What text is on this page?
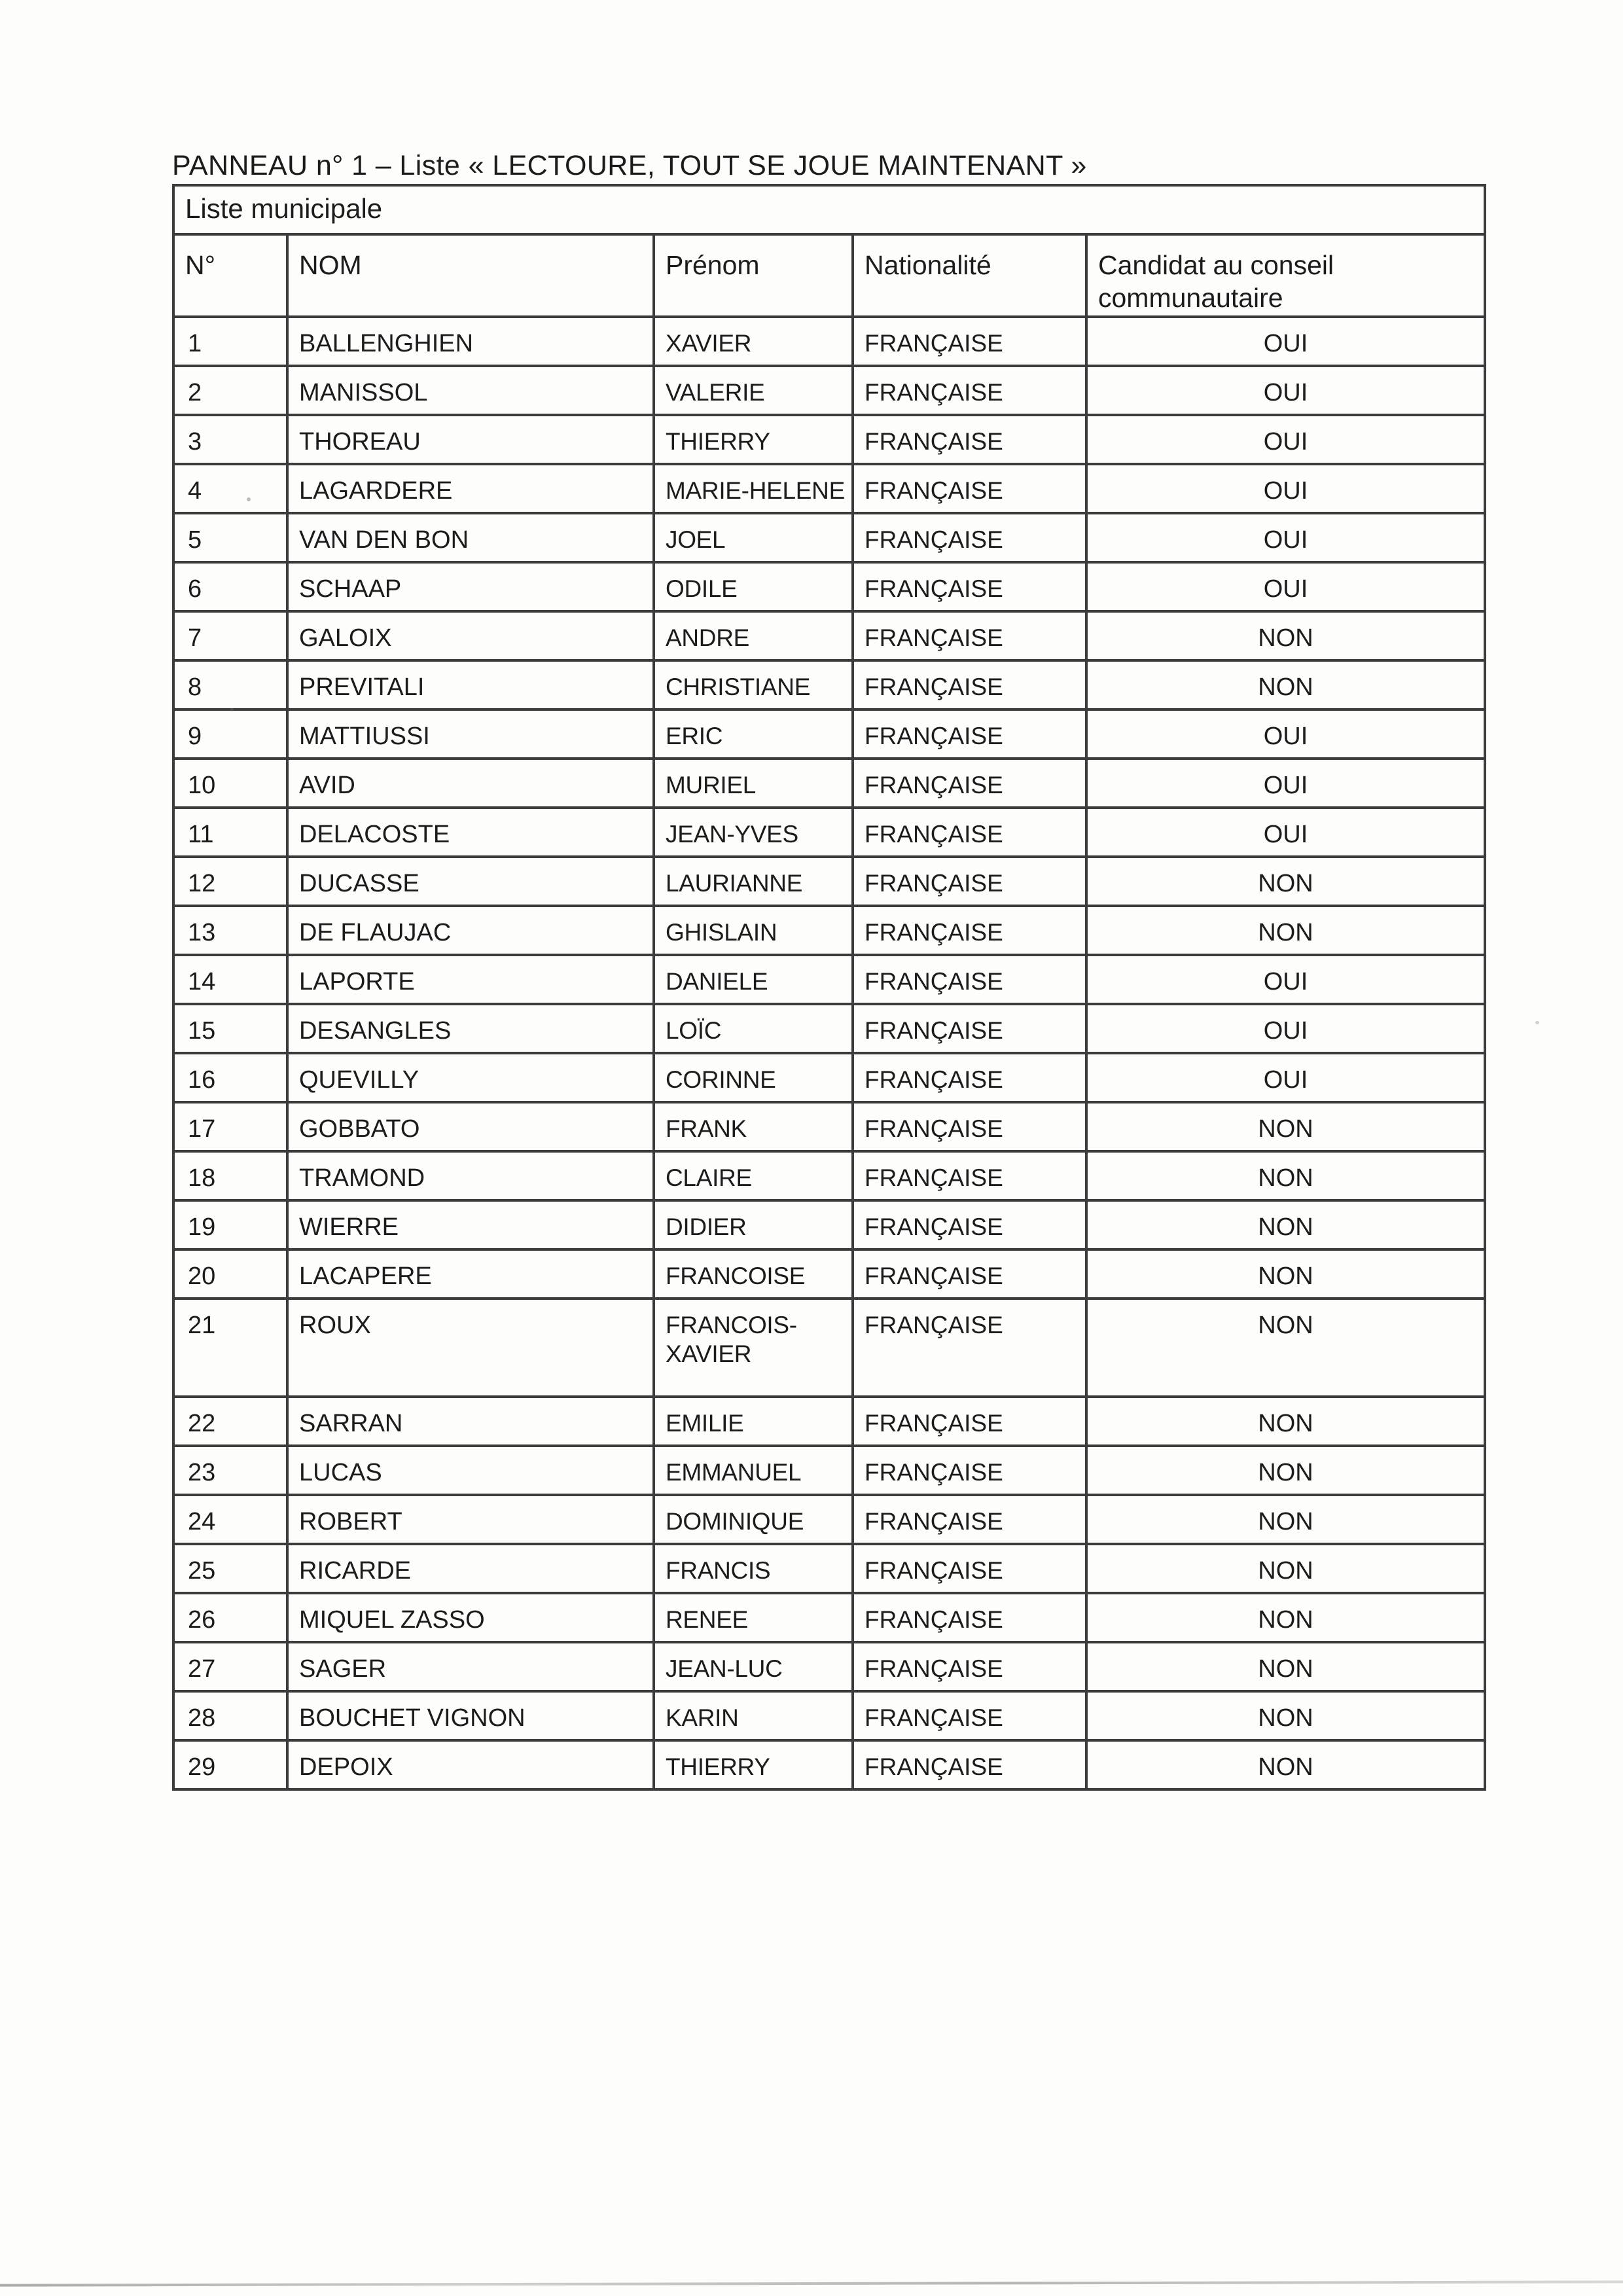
PANNEAU n° 1 – Liste « LECTOURE, TOUT SE JOUE MAINTENANT »
Liste municipale				
N°	NOM	Prénom	Nationalité	Candidat au conseil communautaire
1	BALLENGHIEN	XAVIER	FRANÇAISE	OUI
2	MANISSOL	VALERIE	FRANÇAISE	OUI
3	THOREAU	THIERRY	FRANÇAISE	OUI
4	LAGARDERE	MARIE-HELENE	FRANÇAISE	OUI
5	VAN DEN BON	JOEL	FRANÇAISE	OUI
6	SCHAAP	ODILE	FRANÇAISE	OUI
7	GALOIX	ANDRE	FRANÇAISE	NON
8	PREVITALI	CHRISTIANE	FRANÇAISE	NON
9	MATTIUSSI	ERIC	FRANÇAISE	OUI
10	AVID	MURIEL	FRANÇAISE	OUI
11	DELACOSTE	JEAN-YVES	FRANÇAISE	OUI
12	DUCASSE	LAURIANNE	FRANÇAISE	NON
13	DE FLAUJAC	GHISLAIN	FRANÇAISE	NON
14	LAPORTE	DANIELE	FRANÇAISE	OUI
15	DESANGLES	LOÏC	FRANÇAISE	OUI
16	QUEVILLY	CORINNE	FRANÇAISE	OUI
17	GOBBATO	FRANK	FRANÇAISE	NON
18	TRAMOND	CLAIRE	FRANÇAISE	NON
19	WIERRE	DIDIER	FRANÇAISE	NON
20	LACAPERE	FRANCOISE	FRANÇAISE	NON
21	ROUX	FRANCOIS-XAVIER	FRANÇAISE	NON
22	SARRAN	EMILIE	FRANÇAISE	NON
23	LUCAS	EMMANUEL	FRANÇAISE	NON
24	ROBERT	DOMINIQUE	FRANÇAISE	NON
25	RICARDE	FRANCIS	FRANÇAISE	NON
26	MIQUEL ZASSO	RENEE	FRANÇAISE	NON
27	SAGER	JEAN-LUC	FRANÇAISE	NON
28	BOUCHET VIGNON	KARIN	FRANÇAISE	NON
29	DEPOIX	THIERRY	FRANÇAISE	NON
